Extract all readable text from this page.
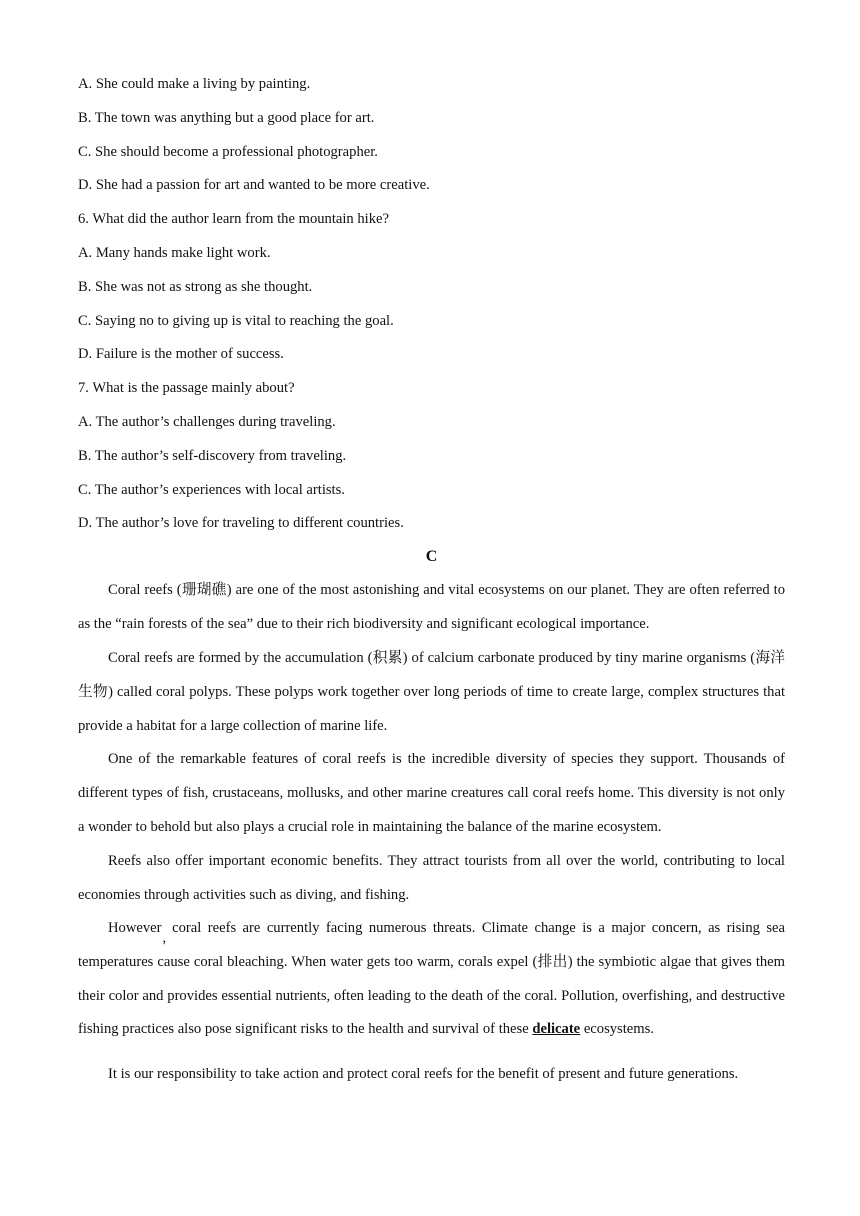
A. She could make a living by painting.
B. The town was anything but a good place for art.
C. She should become a professional photographer.
D. She had a passion for art and wanted to be more creative.
6. What did the author learn from the mountain hike?
A. Many hands make light work.
B. She was not as strong as she thought.
C. Saying no to giving up is vital to reaching the goal.
D. Failure is the mother of success.
7. What is the passage mainly about?
A. The author’s challenges during traveling.
B. The author’s self-discovery from traveling.
C. The author’s experiences with local artists.
D. The author’s love for traveling to different countries.
C
Coral reefs (珊瑚礁) are one of the most astonishing and vital ecosystems on our planet. They are often referred to as the “rain forests of the sea” due to their rich biodiversity and significant ecological importance.
Coral reefs are formed by the accumulation (积累) of calcium carbonate produced by tiny marine organisms (海洋生物) called coral polyps. These polyps work together over long periods of time to create large, complex structures that provide a habitat for a large collection of marine life.
One of the remarkable features of coral reefs is the incredible diversity of species they support. Thousands of different types of fish, crustaceans, mollusks, and other marine creatures call coral reefs home. This diversity is not only a wonder to behold but also plays a crucial role in maintaining the balance of the marine ecosystem.
Reefs also offer important economic benefits. They attract tourists from all over the world, contributing to local economies through activities such as diving, and fishing.
However,coral reefs are currently facing numerous threats. Climate change is a major concern, as rising sea temperatures cause coral bleaching. When water gets too warm, corals expel (排出) the symbiotic algae that gives them their color and provides essential nutrients, often leading to the death of the coral. Pollution, overfishing, and destructive fishing practices also pose significant risks to the health and survival of these delicate ecosystems.
It is our responsibility to take action and protect coral reefs for the benefit of present and future generations.
